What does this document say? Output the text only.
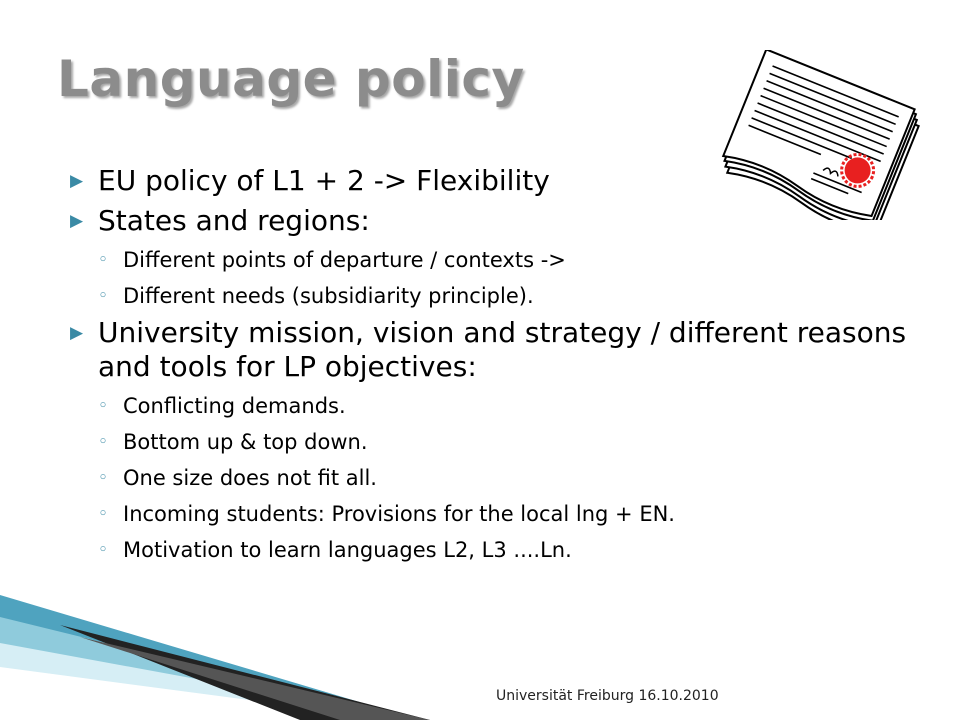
Language policy
▶ EU policy of L1 + 2 -> Flexibility
▶ States and regions:
◦ Different points of departure / contexts ->
◦ Different needs (subsidiarity principle).
▶ University mission, vision and strategy / different reasons and tools for LP objectives:
◦ Conflicting demands.
◦ Bottom up & top down.
◦ One size does not fit all.
◦ Incoming students: Provisions for the local lng + EN.
◦ Motivation to learn languages L2, L3 ....Ln.
Universität Freiburg 16.10.2010
